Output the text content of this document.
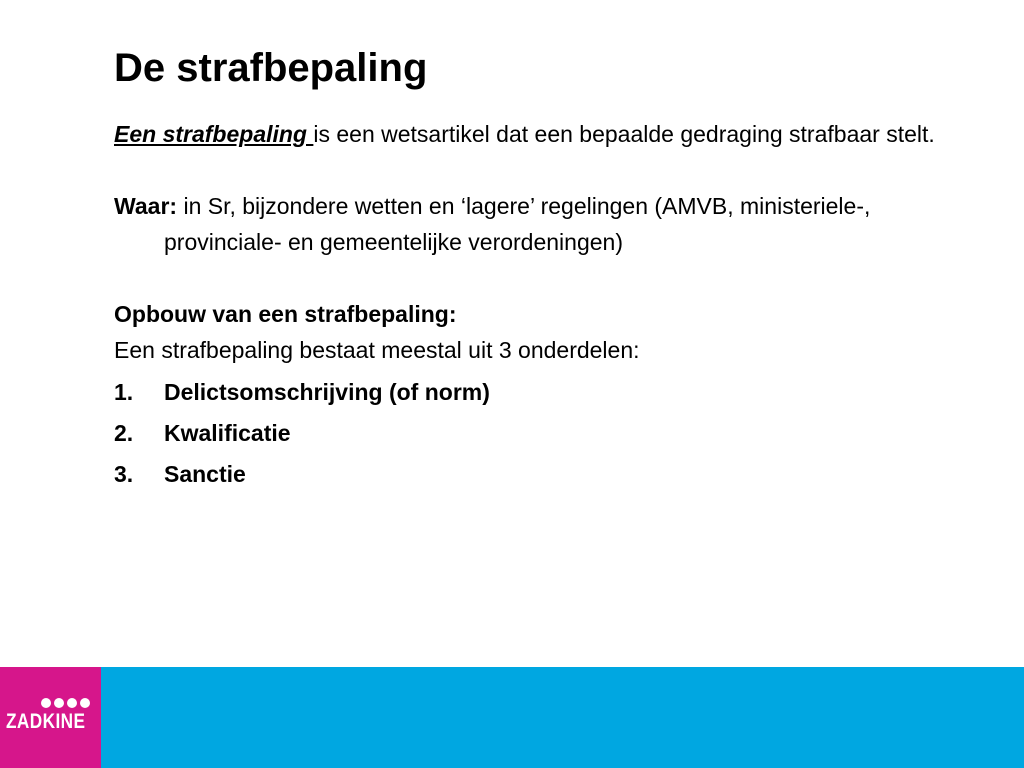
De strafbepaling

Een strafbepaling is een wetsartikel dat een bepaalde gedraging strafbaar stelt.

Waar: in Sr, bijzondere wetten en ‘lagere’ regelingen (AMVB, ministeriele-, provinciale- en gemeentelijke verordeningen)

Opbouw van een strafbepaling:

Een strafbepaling bestaat meestal uit 3 onderdelen:

1.	Delictsomschrijving (of norm)
2.	Kwalificatie
3.	Sanctie
ZADKINE
